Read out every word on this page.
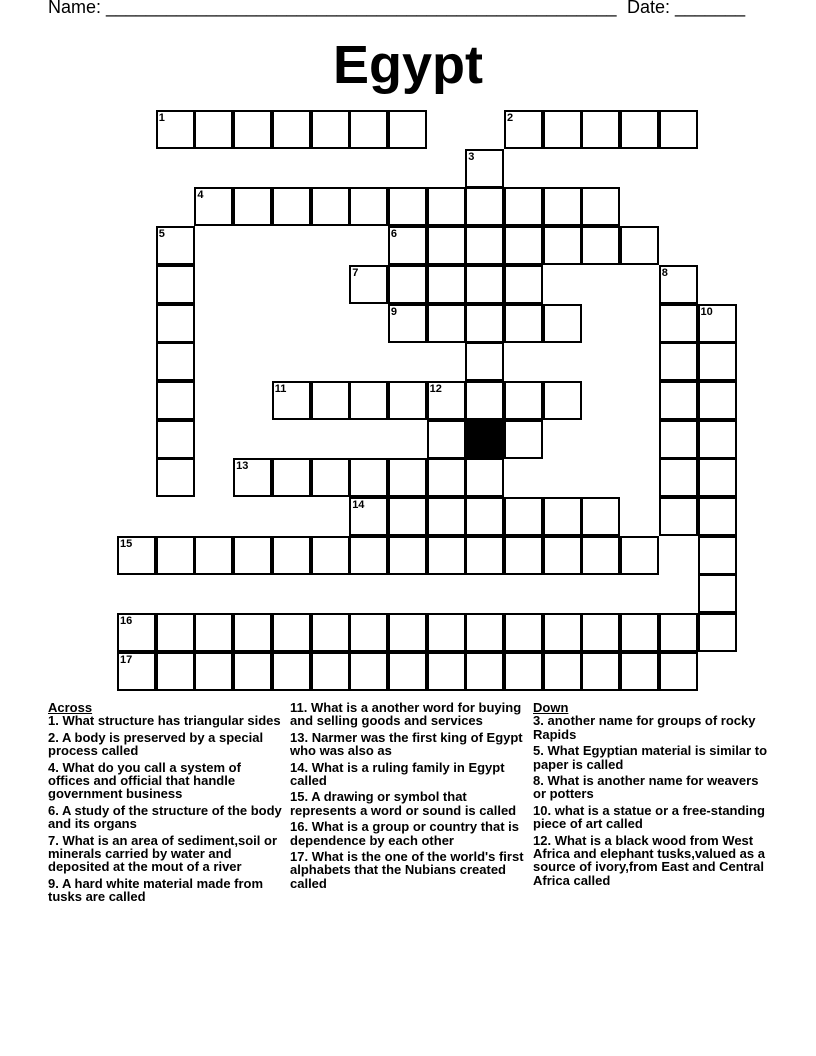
Name: ___________________________________________________ Date: _______
Egypt
1	2
3
4
5	6
7	8
9	10
11	12
13
14
15
16
17
Across
1. What structure has triangular sides
2. A body is preserved by a special process called
4. What do you call a system of offices and official that handle government business
6. A study of the structure of the body and its organs
7. What is an area of sediment,soil or minerals carried by water and deposited at the mout of a river
9. A hard white material made from tusks are called
11. What is a another word for buying and selling goods and services
13. Narmer was the first king of Egypt who was also as
14. What is a ruling family in Egypt called
15. A drawing or symbol that represents a word or sound is called
16. What is a group or country that is dependence by each other
17. What is the one of the world's first alphabets that the Nubians created called
Down
3. another name for groups of rocky Rapids
5. What Egyptian material is similar to paper is called
8. What is another name for weavers or potters
10. what is a statue or a free-standing piece of art called
12. What is a black wood from West Africa and elephant tusks,valued as a source of ivory,from East and Central Africa called
